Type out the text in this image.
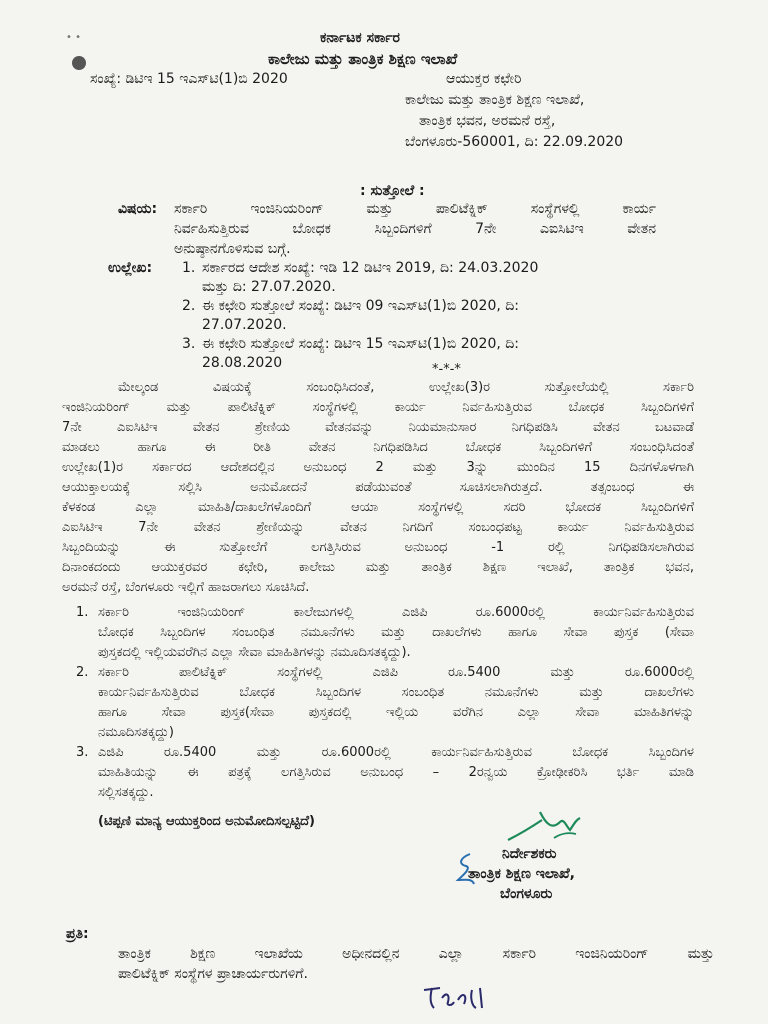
• •	ಕರ್ನಾಟಕ ಸರ್ಕಾರ
ಕಾಲೇಜು ಮತ್ತು ತಾಂತ್ರಿಕ ಶಿಕ್ಷಣ ಇಲಾಖೆ
ಸಂಖ್ಯೆ: ಡಿಟಿಇ 15 ಇಎಸ್‌ಟಿ(1)ಬಿ 2020	ಆಯುಕ್ತರ ಕಛೇರಿ
ಕಾಲೇಜು ಮತ್ತು ತಾಂತ್ರಿಕ ಶಿಕ್ಷಣ ಇಲಾಖೆ,
ತಾಂತ್ರಿಕ ಭವನ, ಅರಮನೆ ರಸ್ತೆ,
ಬೆಂಗಳೂರು-560001, ದಿ: 22.09.2020
: ಸುತ್ತೋಲೆ :
ವಿಷಯ: ಸರ್ಕಾರಿ ಇಂಜಿನಿಯರಿಂಗ್ ಮತ್ತು ಪಾಲಿಟೆಕ್ನಿಕ್ ಸಂಸ್ಥೆಗಳಲ್ಲಿ ಕಾರ್ಯ
ನಿರ್ವಹಿಸುತ್ತಿರುವ ಬೋಧಕ ಸಿಬ್ಬಂದಿಗಳಿಗೆ 7ನೇ ಎಐಸಿಟಿಇ ವೇತನ
ಅನುಷ್ಠಾನಗೊಳಿಸುವ ಬಗ್ಗೆ.
ಉಲ್ಲೇಖ: 1. ಸರ್ಕಾರದ ಆದೇಶ ಸಂಖ್ಯೆ: ಇಡಿ 12 ಡಿಟಿಇ 2019, ದಿ: 24.03.2020
ಮತ್ತು ದಿ: 27.07.2020.
2. ಈ ಕಛೇರಿ ಸುತ್ತೋಲೆ ಸಂಖ್ಯೆ: ಡಿಟಿಇ 09 ಇಎಸ್‌ಟಿ(1)ಬಿ 2020, ದಿ:
27.07.2020.
3. ಈ ಕಛೇರಿ ಸುತ್ತೋಲೆ ಸಂಖ್ಯೆ: ಡಿಟಿಇ 15 ಇಎಸ್‌ಟಿ(1)ಬಿ 2020, ದಿ:
28.08.2020	*-*-*
ಮೇಲ್ಕಂಡ ವಿಷಯಕ್ಕೆ ಸಂಬಂಧಿಸಿದಂತೆ, ಉಲ್ಲೇಖ(3)ರ ಸುತ್ತೋಲೆಯಲ್ಲಿ ಸರ್ಕಾರಿ
ಇಂಜಿನಿಯರಿಂಗ್ ಮತ್ತು ಪಾಲಿಟೆಕ್ನಿಕ್ ಸಂಸ್ಥೆಗಳಲ್ಲಿ ಕಾರ್ಯ ನಿರ್ವಹಿಸುತ್ತಿರುವ ಬೋಧಕ ಸಿಬ್ಬಂದಿಗಳಿಗೆ
7ನೇ ಎಐಸಿಟಿಇ ವೇತನ ಶ್ರೇಣಿಯ ವೇತನವನ್ನು ನಿಯಮಾನುಸಾರ ನಿಗಧಿಪಡಿಸಿ ವೇತನ ಬಟವಾಡೆ
ಮಾಡಲು ಹಾಗೂ ಈ ರೀತಿ ವೇತನ ನಿಗಧಿಪಡಿಸಿದ ಬೋಧಕ ಸಿಬ್ಬಂದಿಗಳಿಗೆ ಸಂಬಂಧಿಸಿದಂತೆ
ಉಲ್ಲೇಖ(1)ರ ಸರ್ಕಾರದ ಆದೇಶದಲ್ಲಿನ ಅನುಬಂಧ 2 ಮತ್ತು 3ನ್ನು ಮುಂದಿನ 15 ದಿನಗಳೊಳಗಾಗಿ
ಆಯುಕ್ತಾಲಯಕ್ಕೆ ಸಲ್ಲಿಸಿ ಅನುಮೋದನೆ ಪಡೆಯುವಂತೆ ಸೂಚಿಸಲಾಗಿರುತ್ತದೆ. ತತ್ಸಂಬಂಧ ಈ
ಕೆಳಕಂಡ ಎಲ್ಲಾ ಮಾಹಿತಿ/ದಾಖಲೆಗಳೊಂದಿಗೆ ಆಯಾ ಸಂಸ್ಥೆಗಳಲ್ಲಿ ಸದರಿ ಭೋದಕ ಸಿಬ್ಬಂದಿಗಳಿಗೆ
ಎಐಸಿಟಿಇ 7ನೇ ವೇತನ ಶ್ರೇಣಿಯನ್ನು ವೇತನ ನಿಗದಿಗೆ ಸಂಬಂಧಪಟ್ಟ ಕಾರ್ಯ ನಿರ್ವಹಿಸುತ್ತಿರುವ
ಸಿಬ್ಬಂದಿಯನ್ನು ಈ ಸುತ್ತೋಲೆಗೆ ಲಗತ್ತಿಸಿರುವ ಅನುಬಂಧ -1 ರಲ್ಲಿ ನಿಗಧಿಪಡಿಸಲಾಗಿರುವ
ದಿನಾಂಕದಂದು ಆಯುಕ್ತರವರ ಕಛೇರಿ, ಕಾಲೇಜು ಮತ್ತು ತಾಂತ್ರಿಕ ಶಿಕ್ಷಣ ಇಲಾಖೆ, ತಾಂತ್ರಿಕ ಭವನ,
ಅರಮನೆ ರಸ್ತೆ, ಬೆಂಗಳೂರು ಇಲ್ಲಿಗೆ ಹಾಜರಾಗಲು ಸೂಚಿಸಿದೆ.
1. ಸರ್ಕಾರಿ ಇಂಜಿನಿಯರಿಂಗ್ ಕಾಲೇಜುಗಳಲ್ಲಿ ಎಜಿಪಿ ರೂ.6000ರಲ್ಲಿ ಕಾರ್ಯನಿರ್ವಹಿಸುತ್ತಿರುವ
ಬೋಧಕ ಸಿಬ್ಬಂದಿಗಳ ಸಂಬಂಧಿತ ನಮೂನೆಗಳು ಮತ್ತು ದಾಖಲೆಗಳು ಹಾಗೂ ಸೇವಾ ಪುಸ್ತಕ (ಸೇವಾ
ಪುಸ್ತಕದಲ್ಲಿ ಇಲ್ಲಿಯವರೆಗಿನ ಎಲ್ಲಾ ಸೇವಾ ಮಾಹಿತಿಗಳನ್ನು ನಮೂದಿಸತಕ್ಕದ್ದು).
2. ಸರ್ಕಾರಿ ಪಾಲಿಟೆಕ್ನಿಕ್ ಸಂಸ್ಥೆಗಳಲ್ಲಿ ಎಜಿಪಿ ರೂ.5400 ಮತ್ತು ರೂ.6000ರಲ್ಲಿ
ಕಾರ್ಯನಿರ್ವಹಿಸುತ್ತಿರುವ ಬೋಧಕ ಸಿಬ್ಬಂದಿಗಳ ಸಂಬಂಧಿತ ನಮೂನೆಗಳು ಮತ್ತು ದಾಖಲೆಗಳು
ಹಾಗೂ ಸೇವಾ ಪುಸ್ತಕ(ಸೇವಾ ಪುಸ್ತಕದಲ್ಲಿ ಇಲ್ಲಿಯ ವರೆಗಿನ ಎಲ್ಲಾ ಸೇವಾ ಮಾಹಿತಿಗಳನ್ನು
ನಮೂದಿಸತಕ್ಕದ್ದು)
3. ಎಜಿಪಿ ರೂ.5400 ಮತ್ತು ರೂ.6000ರಲ್ಲಿ ಕಾರ್ಯನಿರ್ವಹಿಸುತ್ತಿರುವ ಬೋಧಕ ಸಿಬ್ಬಂದಿಗಳ
ಮಾಹಿತಿಯನ್ನು ಈ ಪತ್ರಕ್ಕೆ ಲಗತ್ತಿಸಿರುವ ಅನುಬಂಧ – 2ರನ್ವಯ ಕ್ರೋಢೀಕರಿಸಿ ಭರ್ತಿ ಮಾಡಿ
ಸಲ್ಲಿಸತಕ್ಕದ್ದು.
(ಟಿಪ್ಪಣಿ ಮಾನ್ಯ ಆಯುಕ್ತರಿಂದ ಅನುಮೋದಿಸಲ್ಪಟ್ಟಿದೆ)
ನಿರ್ದೇಶಕರು
ತಾಂತ್ರಿಕ ಶಿಕ್ಷಣ ಇಲಾಖೆ,
ಬೆಂಗಳೂರು
ಪ್ರತಿ:
ತಾಂತ್ರಿಕ ಶಿಕ್ಷಣ ಇಲಾಖೆಯ ಅಧೀನದಲ್ಲಿನ ಎಲ್ಲಾ ಸರ್ಕಾರಿ ಇಂಜಿನಿಯರಿಂಗ್ ಮತ್ತು
ಪಾಲಿಟೆಕ್ನಿಕ್ ಸಂಸ್ಥೆಗಳ ಪ್ರಾಚಾರ್ಯರುಗಳಿಗೆ.
